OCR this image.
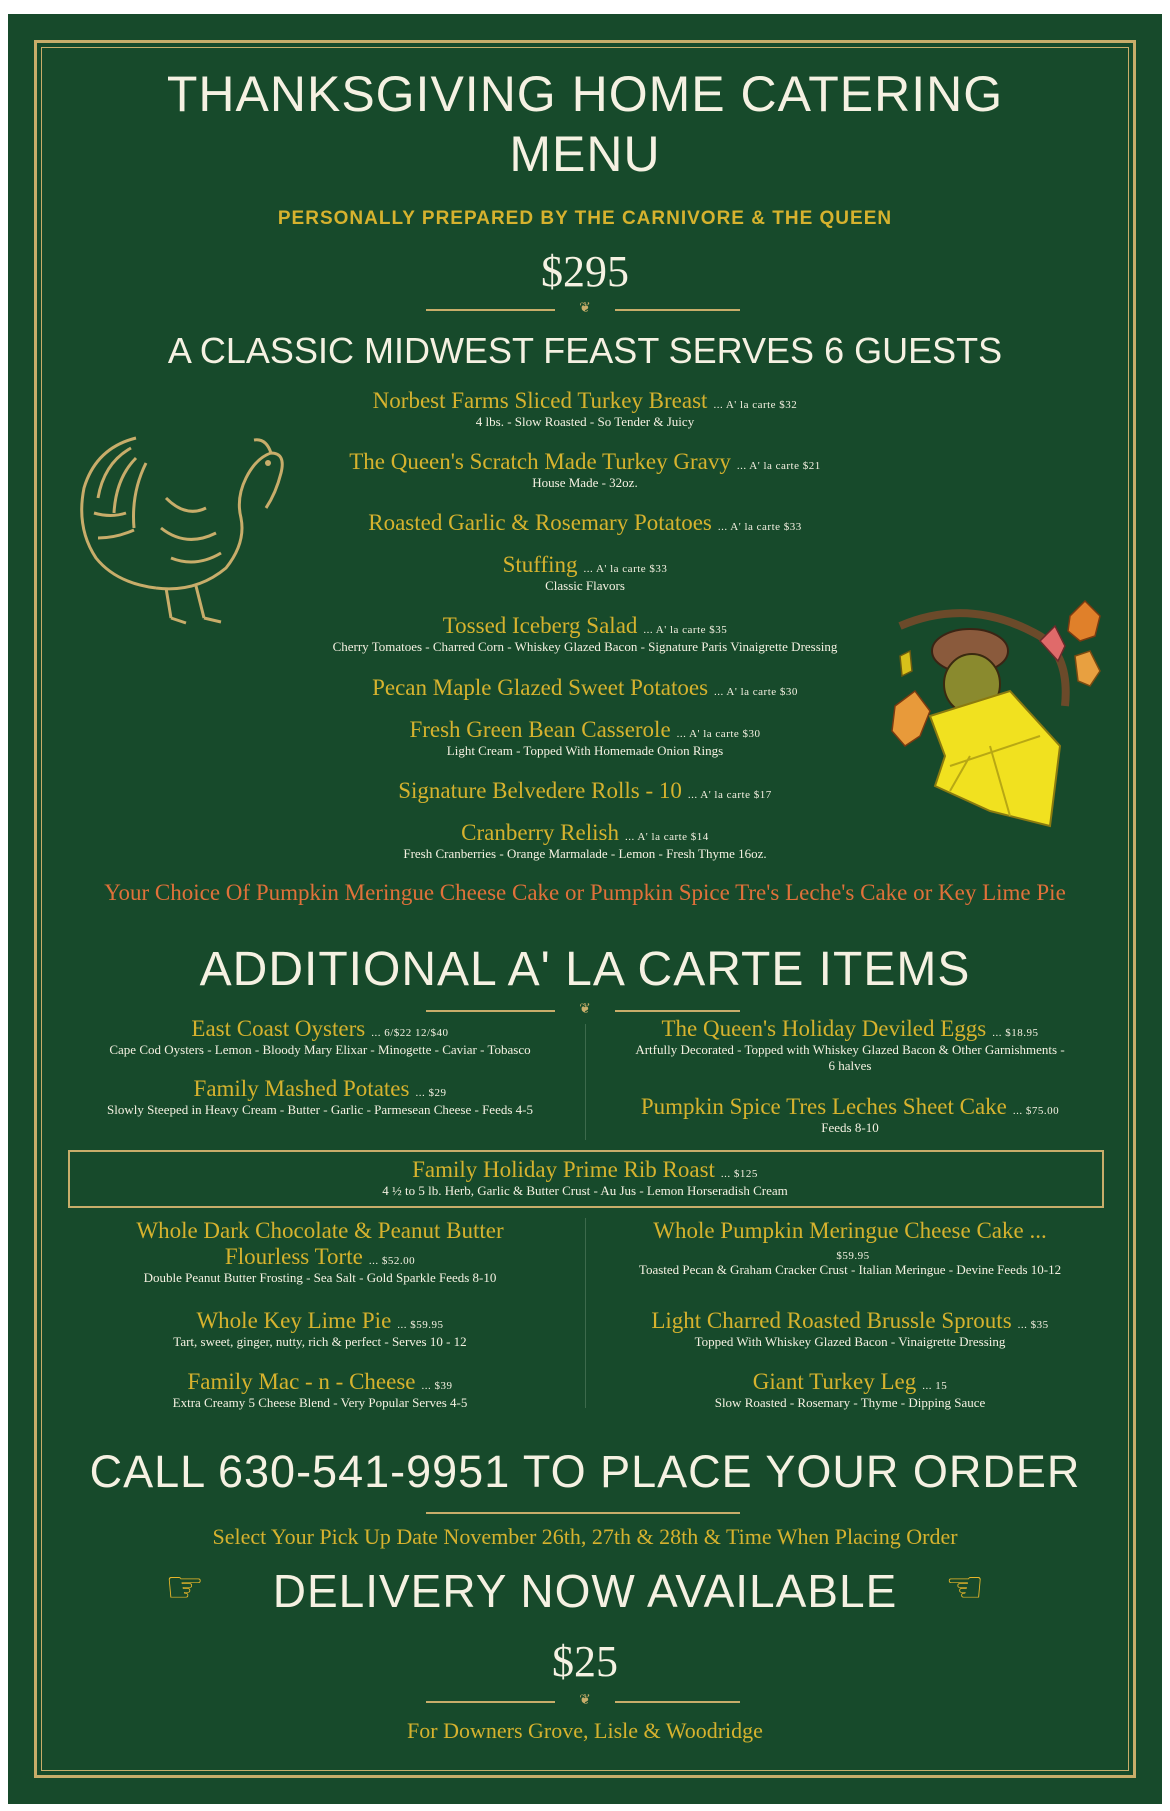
THANKSGIVING HOME CATERING
MENU
PERSONALLY PREPARED BY THE CARNIVORE & THE QUEEN
$295
❦
A CLASSIC MIDWEST FEAST SERVES 6 GUESTS
Norbest Farms Sliced Turkey Breast ... A' la carte $32
4 lbs. - Slow Roasted - So Tender & Juicy
The Queen's Scratch Made Turkey Gravy ... A' la carte $21
House Made - 32oz.
Roasted Garlic & Rosemary Potatoes ... A' la carte $33
Stuffing ... A' la carte $33
Classic Flavors
Tossed Iceberg Salad ... A' la carte $35
Cherry Tomatoes - Charred Corn - Whiskey Glazed Bacon - Signature Paris Vinaigrette Dressing
Pecan Maple Glazed Sweet Potatoes ... A' la carte $30
Fresh Green Bean Casserole ... A' la carte $30
Light Cream - Topped With Homemade Onion Rings
Signature Belvedere Rolls - 10 ... A' la carte $17
Cranberry Relish ... A' la carte $14
Fresh Cranberries - Orange Marmalade - Lemon - Fresh Thyme 16oz.
Your Choice Of Pumpkin Meringue Cheese Cake or Pumpkin Spice Tre's Leche's Cake or Key Lime Pie
ADDITIONAL A' LA CARTE ITEMS
❦
East Coast Oysters ... 6/$22 12/$40
Cape Cod Oysters - Lemon - Bloody Mary Elixar - Minogette - Caviar - Tobasco
The Queen's Holiday Deviled Eggs ... $18.95
Artfully Decorated - Topped with Whiskey Glazed Bacon & Other Garnishments -
6 halves
Family Mashed Potates ... $29
Slowly Steeped in Heavy Cream - Butter - Garlic - Parmesean Cheese - Feeds 4-5	Pumpkin Spice Tres Leches Sheet Cake ... $75.00
Feeds 8-10
Family Holiday Prime Rib Roast ... $125
4 ½ to 5 lb. Herb, Garlic & Butter Crust - Au Jus - Lemon Horseradish Cream
Whole Dark Chocolate & Peanut Butter
Flourless Torte ... $52.00
Double Peanut Butter Frosting - Sea Salt - Gold Sparkle Feeds 8-10
Whole Pumpkin Meringue Cheese Cake ...
$59.95
Toasted Pecan & Graham Cracker Crust - Italian Meringue - Devine Feeds 10-12
Whole Key Lime Pie ... $59.95
Tart, sweet, ginger, nutty, rich & perfect - Serves 10 - 12
Light Charred Roasted Brussle Sprouts ... $35
Topped With Whiskey Glazed Bacon - Vinaigrette Dressing
Family Mac - n - Cheese ... $39
Extra Creamy 5 Cheese Blend - Very Popular Serves 4-5
Giant Turkey Leg ... 15
Slow Roasted - Rosemary - Thyme - Dipping Sauce
CALL 630-541-9951 TO PLACE YOUR ORDER
Select Your Pick Up Date November 26th, 27th & 28th & Time When Placing Order
☞	DELIVERY NOW AVAILABLE	☜
$25
❦
For Downers Grove, Lisle & Woodridge
